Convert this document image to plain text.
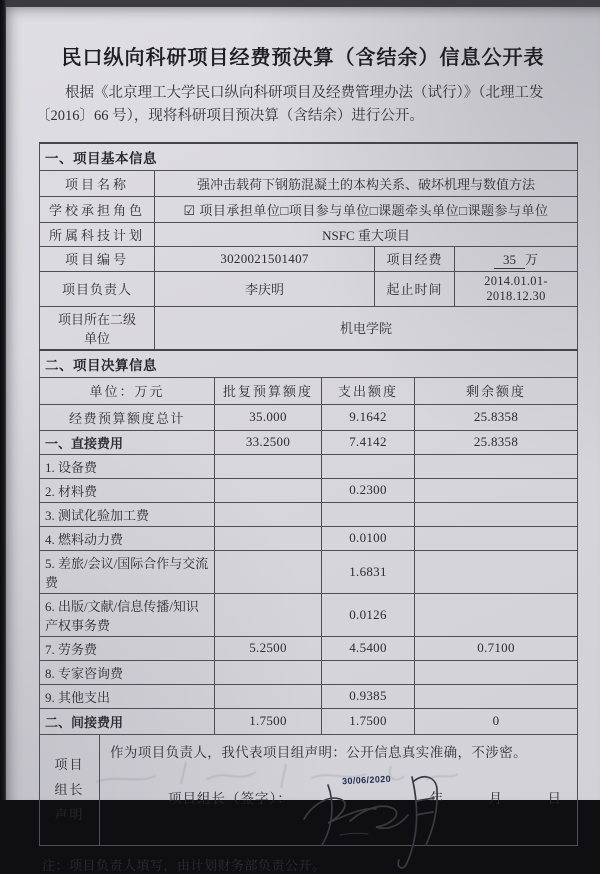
民口纵向科研项目经费预决算（含结余）信息公开表

根据《北京理工大学民口纵向科研项目及经费管理办法（试行）》（北理工发〔2016〕66 号），现将科研项目预决算（含结余）进行公开。

一、项目基本信息			
项目名称	强冲击载荷下钢筋混凝土的本构关系、破坏机理与数值方法		
学校承担角色	☑ 项目承担单位□项目参与单位□课题牵头单位□课题参与单位		
所属科技计划	NSFC 重大项目		
项目编号	3020021501407	项目经费	35 万
项目负责人	李庆明	起止时间	2014.01.01-2018.12.30

项目所在二级
单位	机电学院		
二、项目决算信息			
单位：万元	批复预算额度	支出额度	剩余额度
经费预算额度总计	35.000	9.1642	25.8358
一、直接费用	33.2500	7.4142	25.8358
1. 设备费			
2. 材料费		0.2300	
3. 测试化验加工费			
4. 燃料动力费		0.0100	
5. 差旅/会议/国际合作与交流费		1.6831	
6. 出版/文献/信息传播/知识产权事务费		0.0126	
7. 劳务费	5.2500	4.5400	0.7100
8. 专家咨询费			
9. 其他支出		0.9385	
二、间接费用	1.7500	1.7500	0
项目
组长
声明

作为项目负责人，我代表项目组声明：公开信息真实准确，不涉密。
项目组长（签字）：	年	月	日
30/06/2020

注：项目负责人填写，由计划财务部负责公开。
